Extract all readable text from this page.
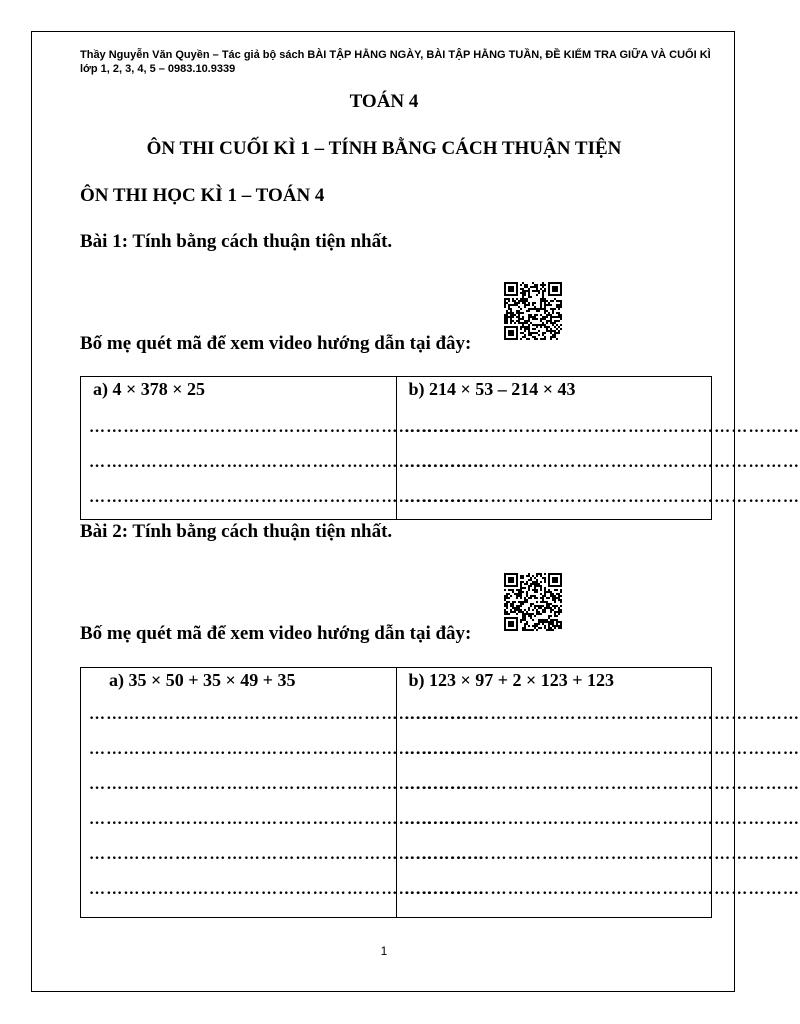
Thầy Nguyễn Văn Quyền – Tác giả bộ sách BÀI TẬP HẰNG NGÀY, BÀI TẬP HẰNG TUẦN, ĐỀ KIỂM TRA GIỮA VÀ CUỐI KÌ lớp 1, 2, 3, 4, 5 – 0983.10.9339
TOÁN 4
ÔN THI CUỐI KÌ 1 – TÍNH BẰNG CÁCH THUẬN TIỆN
ÔN THI HỌC KÌ 1 – TOÁN 4
Bài 1: Tính bằng cách thuận tiện nhất.
Bố mẹ quét mã để xem video hướng dẫn tại đây:
a) 4 × 378 × 25
……………………………………………………………
……………………………………………………………
……………………………………………………………
b) 214 × 53 – 214 × 43
……………………………………………………………
……………………………………………………………
……………………………………………………………
Bài 2: Tính bằng cách thuận tiện nhất.
Bố mẹ quét mã để xem video hướng dẫn tại đây:
a) 35 × 50 + 35 × 49 + 35
……………………………………………………………
……………………………………………………………
……………………………………………………………
……………………………………………………………
……………………………………………………………
……………………………………………………………
b) 123 × 97 + 2 × 123 + 123
……………………………………………………………
……………………………………………………………
……………………………………………………………
……………………………………………………………
……………………………………………………………
……………………………………………………………
1
